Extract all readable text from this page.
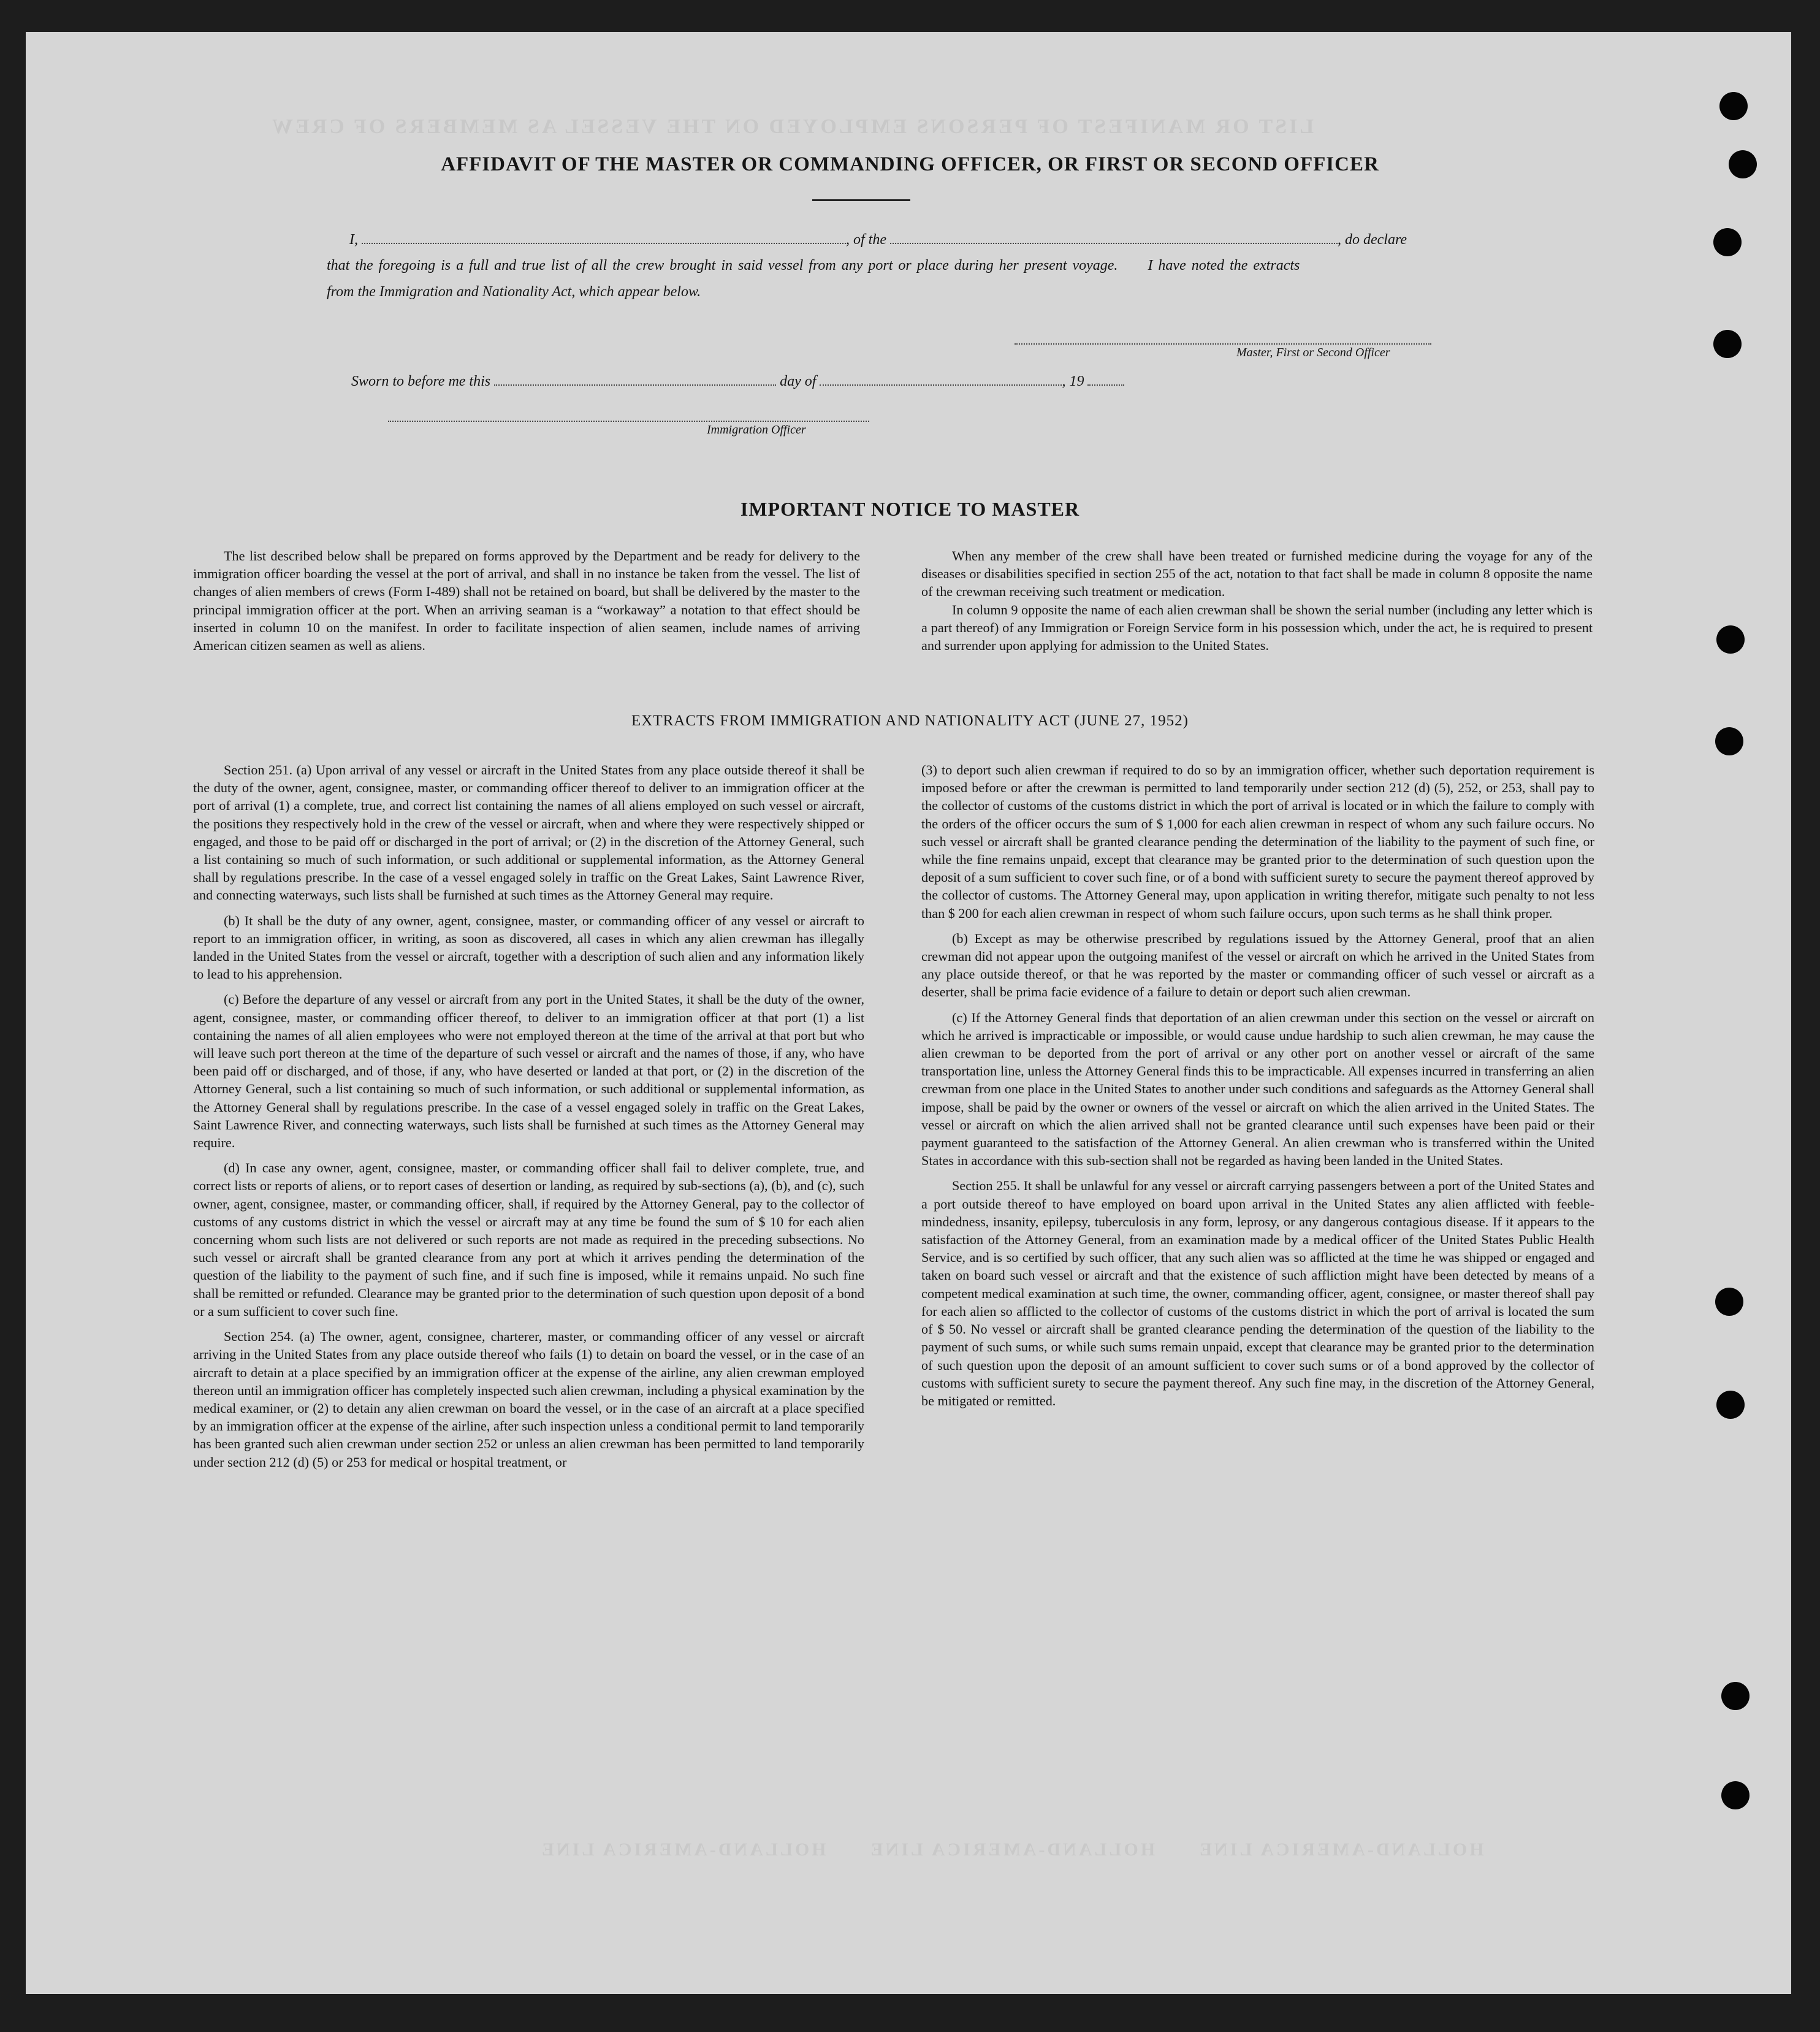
LIST OR MANIFEST OF PERSONS EMPLOYED ON THE VESSEL AS MEMBERS OF CREW
HOLLAND-AMERICA LINE      HOLLAND-AMERICA LINE      HOLLAND-AMERICA LINE
AFFIDAVIT OF THE MASTER OR COMMANDING OFFICER, OR FIRST OR SECOND OFFICER
I,	, of the	, do declare
that the foregoing is a full and true list of all the crew brought in said vessel from any port or place during her present voyage. I have noted the extracts
from the Immigration and Nationality Act, which appear below.
Master, First or Second Officer
Sworn to before me this	day of	, 19
Immigration Officer
IMPORTANT NOTICE TO MASTER

The list described below shall be prepared on forms approved by the Department and be ready for delivery to the immigration officer boarding the vessel at the port of arrival, and shall in no instance be taken from the vessel. The list of changes of alien members of crews (Form I-489) shall not be retained on board, but shall be delivered by the master to the principal immigration officer at the port. When an arriving seaman is a “workaway” a notation to that effect should be inserted in column 10 on the manifest. In order to facilitate inspection of alien seamen, include names of arriving American citizen seamen as well as aliens.

When any member of the crew shall have been treated or furnished medicine during the voyage for any of the diseases or disabilities specified in section 255 of the act, notation to that fact shall be made in column 8 opposite the name of the crewman receiving such treatment or medication.

In column 9 opposite the name of each alien crewman shall be shown the serial number (including any letter which is a part thereof) of any Immigration or Foreign Service form in his possession which, under the act, he is required to present and surrender upon applying for admission to the United States.

EXTRACTS FROM IMMIGRATION AND NATIONALITY ACT (JUNE 27, 1952)

Section 251. (a) Upon arrival of any vessel or aircraft in the United States from any place outside thereof it shall be the duty of the owner, agent, consignee, master, or commanding officer thereof to deliver to an immigration officer at the port of arrival (1) a complete, true, and correct list containing the names of all aliens employed on such vessel or aircraft, the positions they respectively hold in the crew of the vessel or aircraft, when and where they were respectively shipped or engaged, and those to be paid off or discharged in the port of arrival; or (2) in the discretion of the Attorney General, such a list containing so much of such information, or such additional or supplemental information, as the Attorney General shall by regulations prescribe. In the case of a vessel engaged solely in traffic on the Great Lakes, Saint Lawrence River, and connecting waterways, such lists shall be furnished at such times as the Attorney General may require.

(b) It shall be the duty of any owner, agent, consignee, master, or commanding officer of any vessel or aircraft to report to an immigration officer, in writing, as soon as discovered, all cases in which any alien crewman has illegally landed in the United States from the vessel or aircraft, together with a description of such alien and any information likely to lead to his apprehension.

(c) Before the departure of any vessel or aircraft from any port in the United States, it shall be the duty of the owner, agent, consignee, master, or commanding officer thereof, to deliver to an immigration officer at that port (1) a list containing the names of all alien employees who were not employed thereon at the time of the arrival at that port but who will leave such port thereon at the time of the departure of such vessel or aircraft and the names of those, if any, who have been paid off or discharged, and of those, if any, who have deserted or landed at that port, or (2) in the discretion of the Attorney General, such a list containing so much of such information, or such additional or supplemental information, as the Attorney General shall by regulations prescribe. In the case of a vessel engaged solely in traffic on the Great Lakes, Saint Lawrence River, and connecting waterways, such lists shall be furnished at such times as the Attorney General may require.

(d) In case any owner, agent, consignee, master, or commanding officer shall fail to deliver complete, true, and correct lists or reports of aliens, or to report cases of desertion or landing, as required by sub-sections (a), (b), and (c), such owner, agent, consignee, master, or commanding officer, shall, if required by the Attorney General, pay to the collector of customs of any customs district in which the vessel or aircraft may at any time be found the sum of $ 10 for each alien concerning whom such lists are not delivered or such reports are not made as required in the preceding subsections. No such vessel or aircraft shall be granted clearance from any port at which it arrives pending the determination of the question of the liability to the payment of such fine, and if such fine is imposed, while it remains unpaid. No such fine shall be remitted or refunded. Clearance may be granted prior to the determination of such question upon deposit of a bond or a sum sufficient to cover such fine.

Section 254. (a) The owner, agent, consignee, charterer, master, or commanding officer of any vessel or aircraft arriving in the United States from any place outside thereof who fails (1) to detain on board the vessel, or in the case of an aircraft to detain at a place specified by an immigration officer at the expense of the airline, any alien crewman employed thereon until an immigration officer has completely inspected such alien crewman, including a physical examination by the medical examiner, or (2) to detain any alien crewman on board the vessel, or in the case of an aircraft at a place specified by an immigration officer at the expense of the airline, after such inspection unless a conditional permit to land temporarily has been granted such alien crewman under section 252 or unless an alien crewman has been permitted to land temporarily under section 212 (d) (5) or 253 for medical or hospital treatment, or

(3) to deport such alien crewman if required to do so by an immigration officer, whether such deportation requirement is imposed before or after the crewman is permitted to land temporarily under section 212 (d) (5), 252, or 253, shall pay to the collector of customs of the customs district in which the port of arrival is located or in which the failure to comply with the orders of the officer occurs the sum of $ 1,000 for each alien crewman in respect of whom any such failure occurs. No such vessel or aircraft shall be granted clearance pending the determination of the liability to the payment of such fine, or while the fine remains unpaid, except that clearance may be granted prior to the determination of such question upon the deposit of a sum sufficient to cover such fine, or of a bond with sufficient surety to secure the payment thereof approved by the collector of customs. The Attorney General may, upon application in writing therefor, mitigate such penalty to not less than $ 200 for each alien crewman in respect of whom such failure occurs, upon such terms as he shall think proper.

(b) Except as may be otherwise prescribed by regulations issued by the Attorney General, proof that an alien crewman did not appear upon the outgoing manifest of the vessel or aircraft on which he arrived in the United States from any place outside thereof, or that he was reported by the master or commanding officer of such vessel or aircraft as a deserter, shall be prima facie evidence of a failure to detain or deport such alien crewman.

(c) If the Attorney General finds that deportation of an alien crewman under this section on the vessel or aircraft on which he arrived is impracticable or impossible, or would cause undue hardship to such alien crewman, he may cause the alien crewman to be deported from the port of arrival or any other port on another vessel or aircraft of the same transportation line, unless the Attorney General finds this to be impracticable. All expenses incurred in transferring an alien crewman from one place in the United States to another under such conditions and safeguards as the Attorney General shall impose, shall be paid by the owner or owners of the vessel or aircraft on which the alien arrived in the United States. The vessel or aircraft on which the alien arrived shall not be granted clearance until such expenses have been paid or their payment guaranteed to the satisfaction of the Attorney General. An alien crewman who is transferred within the United States in accordance with this sub-section shall not be regarded as having been landed in the United States.

Section 255. It shall be unlawful for any vessel or aircraft carrying passengers between a port of the United States and a port outside thereof to have employed on board upon arrival in the United States any alien afflicted with feeble-mindedness, insanity, epilepsy, tuberculosis in any form, leprosy, or any dangerous contagious disease. If it appears to the satisfaction of the Attorney General, from an examination made by a medical officer of the United States Public Health Service, and is so certified by such officer, that any such alien was so afflicted at the time he was shipped or engaged and taken on board such vessel or aircraft and that the existence of such affliction might have been detected by means of a competent medical examination at such time, the owner, commanding officer, agent, consignee, or master thereof shall pay for each alien so afflicted to the collector of customs of the customs district in which the port of arrival is located the sum of $ 50. No vessel or aircraft shall be granted clearance pending the determination of the question of the liability to the payment of such sums, or while such sums remain unpaid, except that clearance may be granted prior to the determination of such question upon the deposit of an amount sufficient to cover such sums or of a bond approved by the collector of customs with sufficient surety to secure the payment thereof. Any such fine may, in the discretion of the Attorney General, be mitigated or remitted.
